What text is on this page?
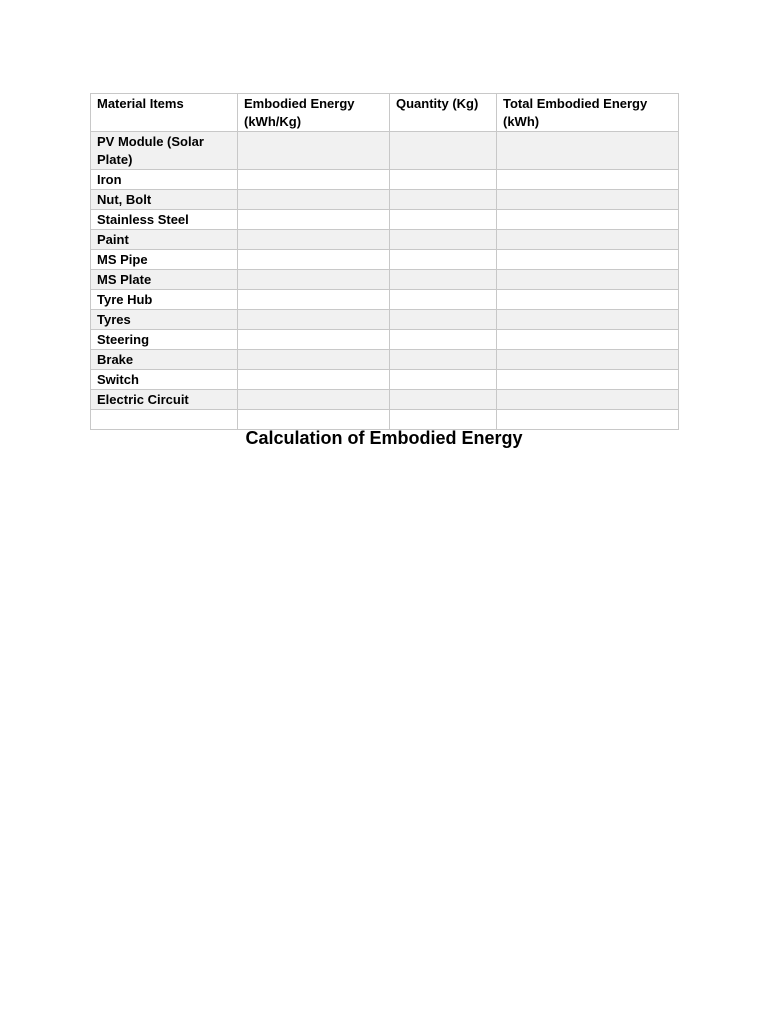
Material Items	Embodied Energy (kWh/Kg)	Quantity (Kg)	Total Embodied Energy (kWh)
PV Module (Solar Plate)			
Iron			
Nut, Bolt			
Stainless Steel			
Paint			
MS Pipe			
MS Plate			
Tyre Hub			
Tyres			
Steering			
Brake			
Switch			
Electric Circuit			

Calculation of Embodied Energy
